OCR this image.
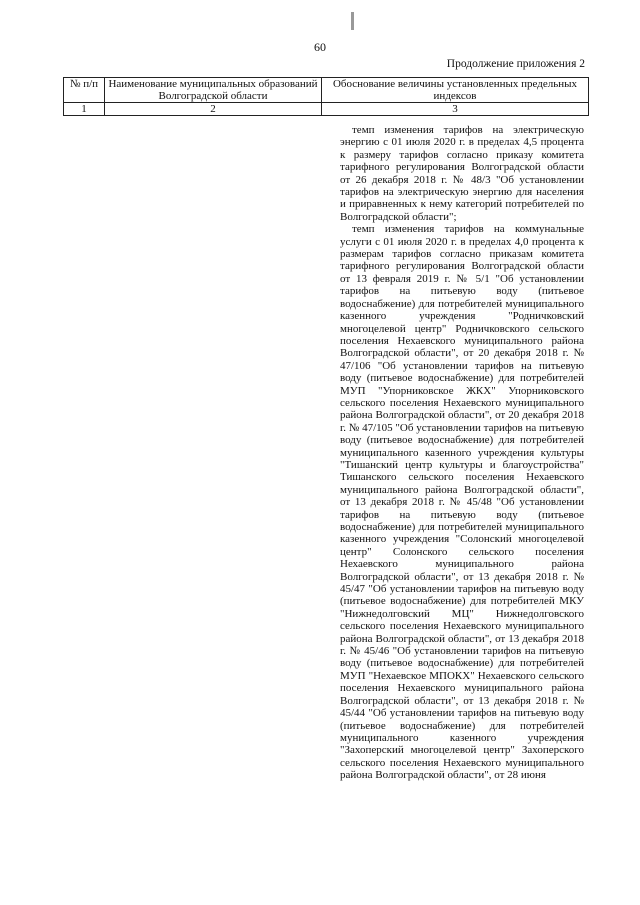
60
Продолжение приложения 2
№ п/п	Наименование муниципальных образований Волгоградской области	Обоснование величины установленных предельных индексов
1	2	3

темп изменения тарифов на электрическую энергию с 01 июля 2020 г. в пределах 4,5 процента к размеру тарифов согласно приказу комитета тарифного регулирования Волгоградской области от 26 декабря 2018 г. № 48/3 "Об установлении тарифов на электрическую энергию для населения и приравненных к нему категорий потребителей по Волгоградской области";

темп изменения тарифов на коммунальные услуги с 01 июля 2020 г. в пределах 4,0 процента к размерам тарифов согласно приказам комитета тарифного регулирования Волгоградской области от 13 февраля 2019 г. № 5/1 "Об установлении тарифов на питьевую воду (питьевое водоснабжение) для потребителей муниципального казенного учреждения "Родничковский многоцелевой центр" Родничковского сельского поселения Нехаевского муниципального района Волгоградской области", от 20 декабря 2018 г. № 47/106 "Об установлении тарифов на питьевую воду (питьевое водоснабжение) для потребителей МУП "Упорниковское ЖКХ" Упорниковского сельского поселения Нехаевского муниципального района Волгоградской области", от 20 декабря 2018 г. № 47/105 "Об установлении тарифов на питьевую воду (питьевое водоснабжение) для потребителей муниципального казенного учреждения культуры "Тишанский центр культуры и благоустройства" Тишанского сельского поселения Нехаевского муниципального района Волгоградской области", от 13 декабря 2018 г. № 45/48 "Об установлении тарифов на питьевую воду (питьевое водоснабжение) для потребителей муниципального казенного учреждения "Солонский многоцелевой центр" Солонского сельского поселения Нехаевского муниципального района Волгоградской области", от 13 декабря 2018 г. № 45/47 "Об установлении тарифов на питьевую воду (питьевое водоснабжение) для потребителей МКУ "Нижнедолговский МЦ" Нижнедолговского сельского поселения Нехаевского муниципального района Волгоградской области", от 13 декабря 2018 г. № 45/46 "Об установлении тарифов на питьевую воду (питьевое водоснабжение) для потребителей МУП "Нехаевское МПОКХ" Нехаевского сельского поселения Нехаевского муниципального района Волгоградской области", от 13 декабря 2018 г. № 45/44 "Об установлении тарифов на питьевую воду (питьевое водоснабжение) для потребителей муниципального казенного учреждения "Захоперский многоцелевой центр" Захоперского сельского поселения Нехаевского муниципального района Волгоградской области", от 28 июня
